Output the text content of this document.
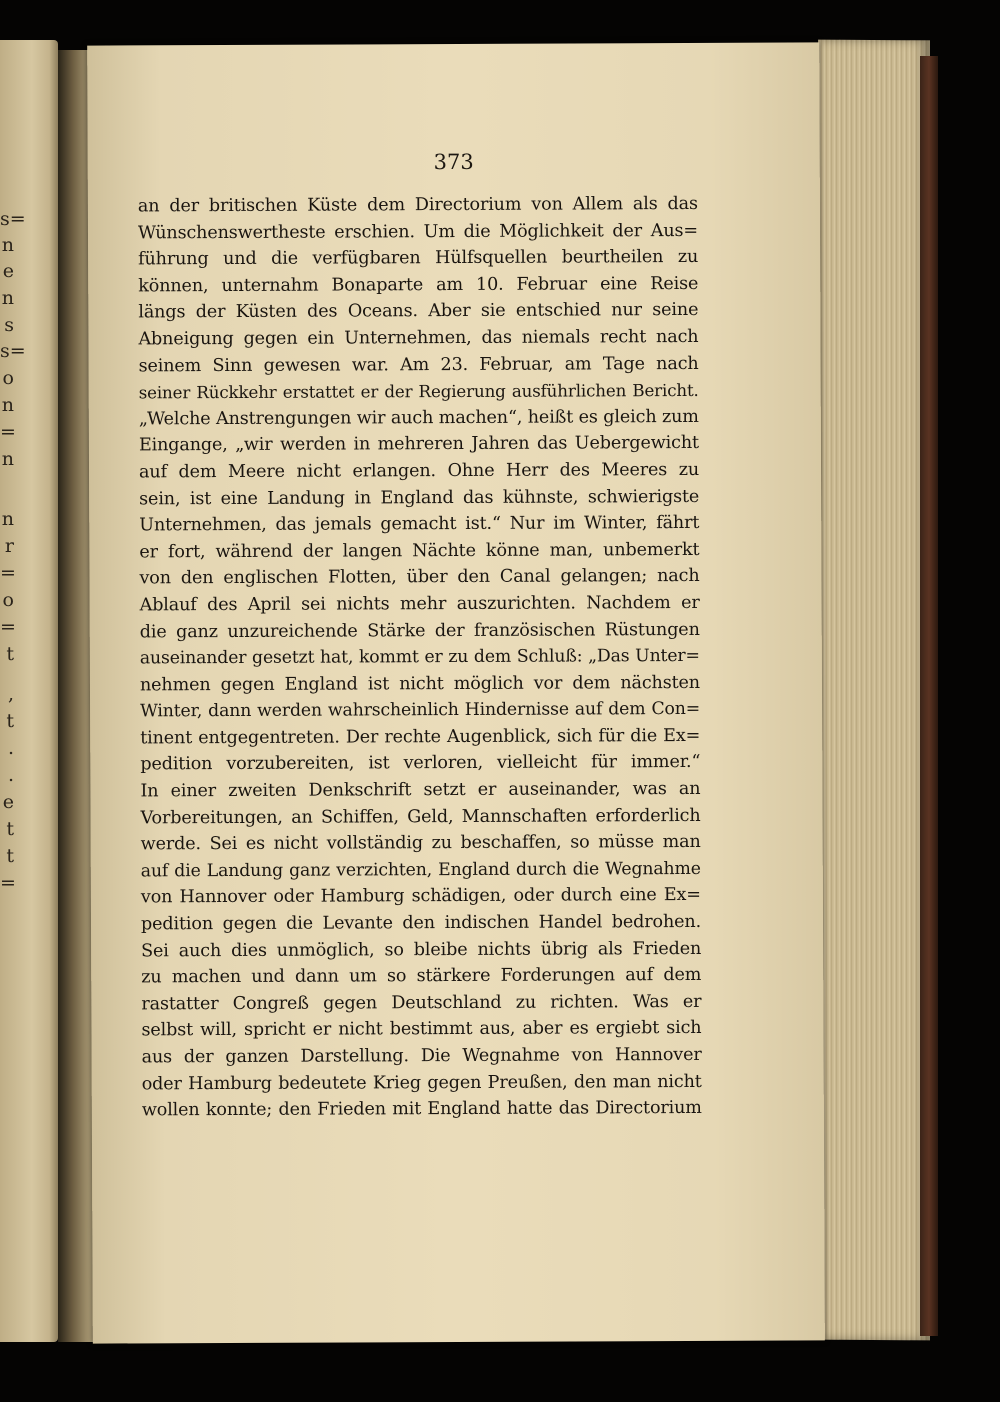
s=
n
e
n
s
s=
o
n
=
n
n
r
=
o
=
t
,
t
.
.
e
t
t
=
373
an der britischen Küste dem Directorium von Allem als das
Wünschenswertheste erschien. Um die Möglichkeit der Aus=
führung und die verfügbaren Hülfsquellen beurtheilen zu
können, unternahm Bonaparte am 10. Februar eine Reise
längs der Küsten des Oceans. Aber sie entschied nur seine
Abneigung gegen ein Unternehmen, das niemals recht nach
seinem Sinn gewesen war. Am 23. Februar, am Tage nach
seiner Rückkehr erstattet er der Regierung ausführlichen Bericht.
„Welche Anstrengungen wir auch machen“, heißt es gleich zum
Eingange, „wir werden in mehreren Jahren das Uebergewicht
auf dem Meere nicht erlangen. Ohne Herr des Meeres zu
sein, ist eine Landung in England das kühnste, schwierigste
Unternehmen, das jemals gemacht ist.“ Nur im Winter, fährt
er fort, während der langen Nächte könne man, unbemerkt
von den englischen Flotten, über den Canal gelangen; nach
Ablauf des April sei nichts mehr auszurichten. Nachdem er
die ganz unzureichende Stärke der französischen Rüstungen
auseinander gesetzt hat, kommt er zu dem Schluß: „Das Unter=
nehmen gegen England ist nicht möglich vor dem nächsten
Winter, dann werden wahrscheinlich Hindernisse auf dem Con=
tinent entgegentreten. Der rechte Augenblick, sich für die Ex=
pedition vorzubereiten, ist verloren, vielleicht für immer.“
In einer zweiten Denkschrift setzt er auseinander, was an
Vorbereitungen, an Schiffen, Geld, Mannschaften erforderlich
werde. Sei es nicht vollständig zu beschaffen, so müsse man
auf die Landung ganz verzichten, England durch die Wegnahme
von Hannover oder Hamburg schädigen, oder durch eine Ex=
pedition gegen die Levante den indischen Handel bedrohen.
Sei auch dies unmöglich, so bleibe nichts übrig als Frieden
zu machen und dann um so stärkere Forderungen auf dem
rastatter Congreß gegen Deutschland zu richten. Was er
selbst will, spricht er nicht bestimmt aus, aber es ergiebt sich
aus der ganzen Darstellung. Die Wegnahme von Hannover
oder Hamburg bedeutete Krieg gegen Preußen, den man nicht
wollen konnte; den Frieden mit England hatte das Directorium
